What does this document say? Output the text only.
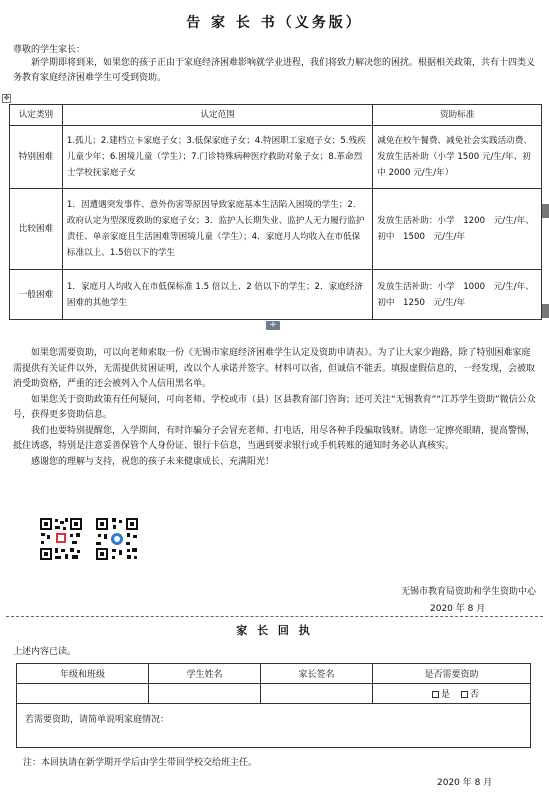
告 家 长 书（义务版）
尊敬的学生家长：

新学期即将到来，如果您的孩子正由于家庭经济困难影响就学业进程，我们将致力解决您的困扰。根据相关政策，共有十四类义务教育家庭经济困难学生可受到资助。

✥
认定类别	认定范围	资助标准
特别困难	1.孤儿；2.建档立卡家庭子女；3.低保家庭子女；4.特困职工家庭子女；5.残疾儿童少年；6.困境儿童（学生）；7.门诊特殊病种医疗救助对象子女；8.革命烈士学校抚家庭子女	减免在校午餐费、减免社会实践活动费、发放生活补助（小学 1500 元/生/年、初中 2000 元/生/年）
比较困难	1．因遭遇突发事件、意外伤害等原因导致家庭基本生活陷入困境的学生；2．政府认定为型深度救助的家庭子女；3．监护人长期失业、监护人无力履行监护责任、单亲家庭且生活困难等困境儿童（学生）；4．家庭月人均收入在市低保标准以上、1.5倍以下的学生	发放生活补助：小学　1200　元/生/年、初中　1500　元/生/年
一般困难	1．家庭月人均收入在市低保标准 1.5 倍以上、2 倍以下的学生；2．家庭经济困难的其他学生	发放生活补助：小学　1000　元/生/年、初中　1250　元/生/年
+

如果您需要资助，可以向老师索取一份《无锡市家庭经济困难学生认定及资助申请表》。为了让大家少跑路，除了特别困难家庭需提供有关证件以外，无需提供贫困证明，改以个人承诺并签字。材料可以省，但诚信不能丢。填报虚假信息的，一经发现，会被取消受助资格，严重的还会被列入个人信用黑名单。

如果您关于资助政策有任何疑问，可向老师、学校或市（县）区县教育部门咨询；还可关注“无锡教育”“江苏学生资助”微信公众号，获得更多资助信息。

我们也要特别提醒您，入学期间，有时诈骗分子会冒充老师、打电话，用尽各种手段骗取钱财。请您一定擦亮眼睛，提高警惕，抵住诱惑，特别是注意妥善保管个人身份证、银行卡信息，当遇到要求银行或手机转账的通知时务必认真核实。

感谢您的理解与支持，祝您的孩子未来健康成长、充满阳光！

无锡市教育局资助和学生资助中心
2020 年 8 月
家 长 回 执
上述内容已读。
年级和班级	学生姓名	家长签名	是否需要资助
			是 否
若需要资助，请简单说明家庭情况：			
注：本回执请在新学期开学后由学生带回学校交给班主任。
2020 年 8 月
